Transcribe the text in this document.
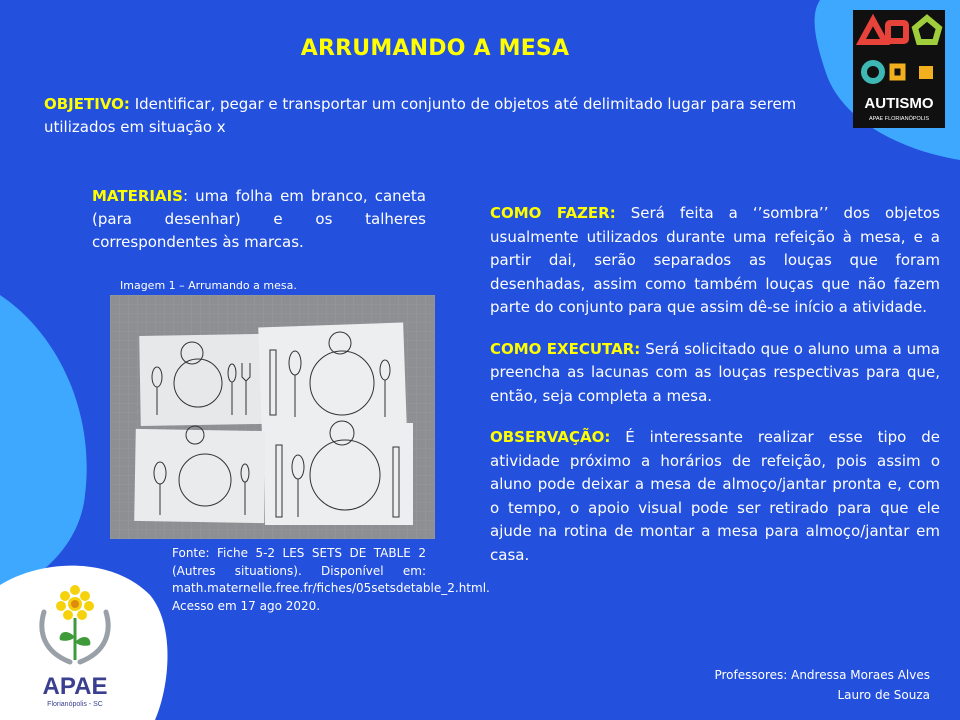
ARRUMANDO A MESA
OBJETIVO: Identificar, pegar e transportar um conjunto de objetos até delimitado lugar para serem utilizados em situação x
MATERIAIS: uma folha em branco, caneta (para desenhar) e os talheres correspondentes às marcas.
Imagem 1 – Arrumando a mesa.
Fonte: Fiche 5-2 LES SETS DE TABLE 2 (Autres situations). Disponível em: math.maternelle.free.fr/fiches/05setsdetable_2.html. Acesso em 17 ago 2020.

COMO FAZER: Será feita a ‘’sombra’’ dos objetos usualmente utilizados durante uma refeição à mesa, e a partir dai, serão separados as louças que foram desenhadas, assim como também louças que não fazem parte do conjunto para que assim dê-se início a atividade.

COMO EXECUTAR: Será solicitado que o aluno uma a uma preencha as lacunas com as louças respectivas para que, então, seja completa a mesa.

OBSERVAÇÃO: É interessante realizar esse tipo de atividade próximo a horários de refeição, pois assim o aluno pode deixar a mesa de almoço/jantar pronta e, com o tempo, o apoio visual pode ser retirado para que ele ajude na rotina de montar a mesa para almoço/jantar em casa.

Professores: Andressa Moraes Alves
Lauro de Souza
AUTISMO
APAE FLORIANÓPOLIS
APAE
Florianópolis - SC
